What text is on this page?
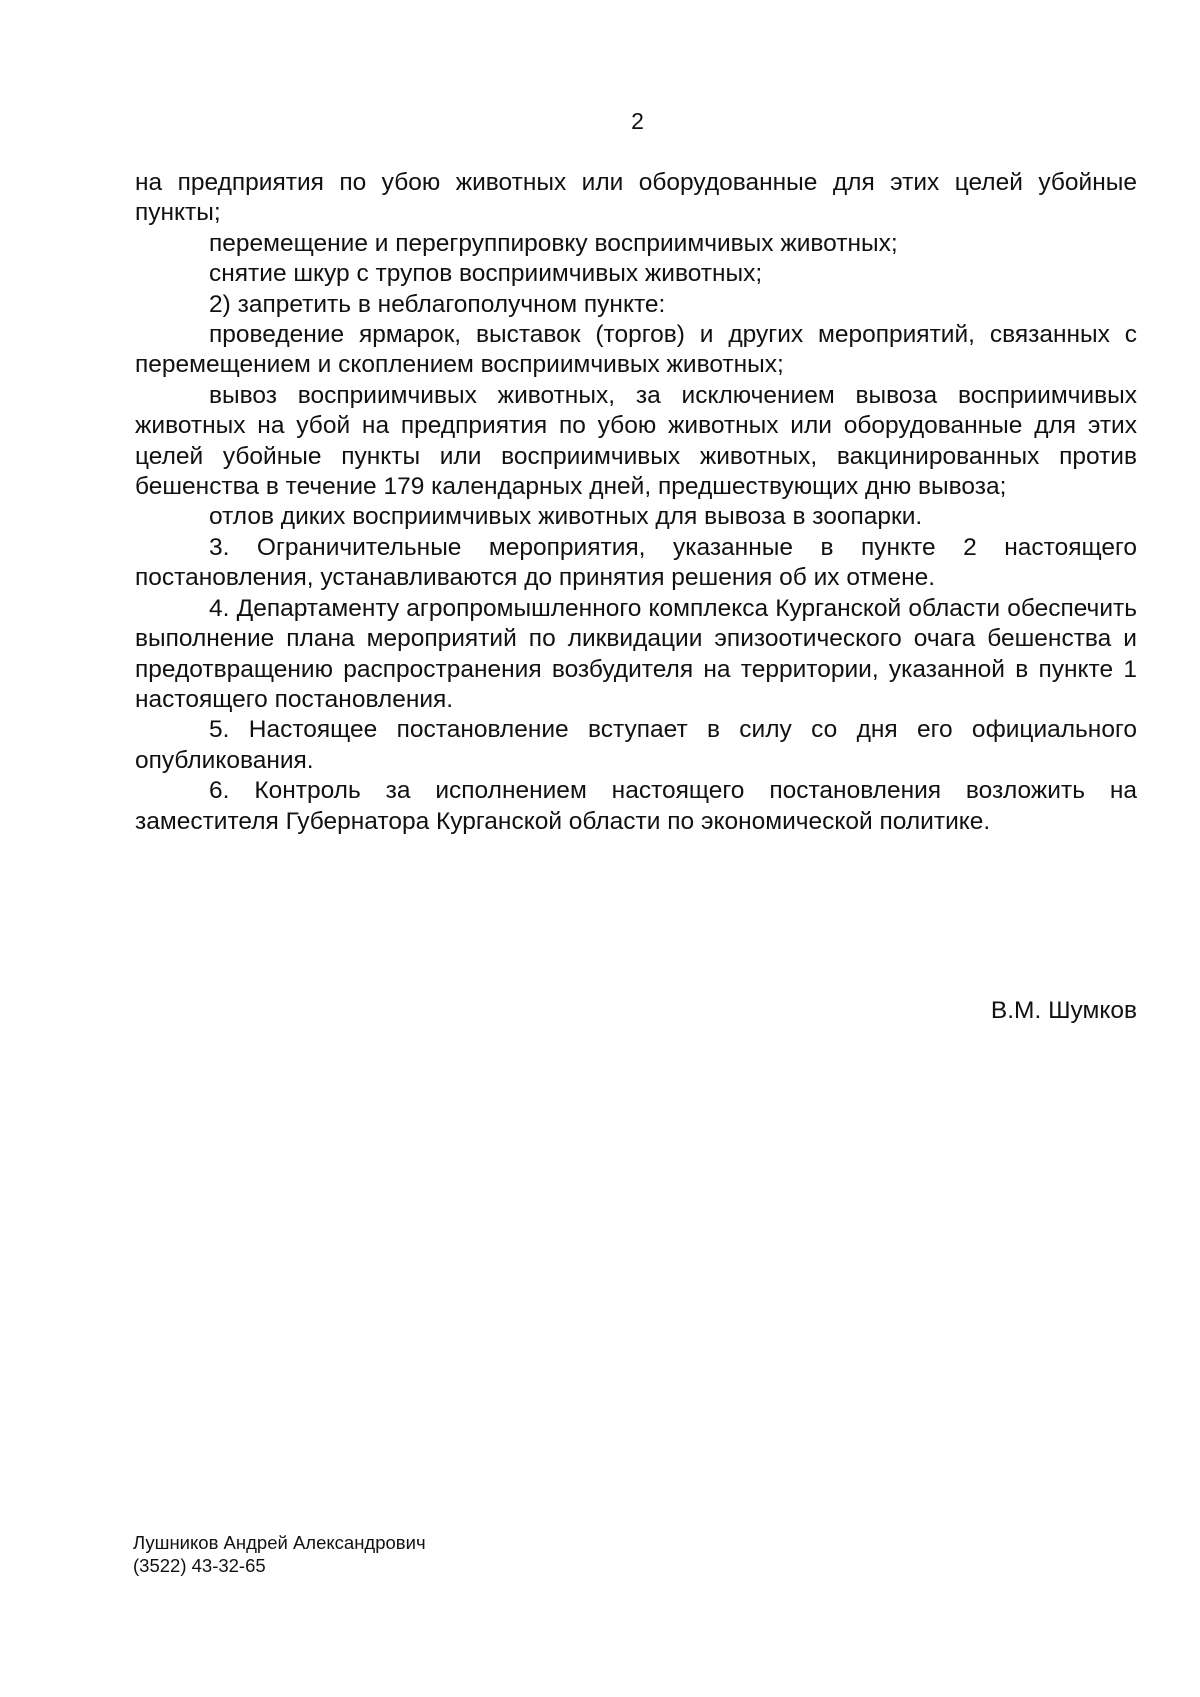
2

на предприятия по убою животных или оборудованные для этих целей убойные пункты;

перемещение и перегруппировку восприимчивых животных;

снятие шкур с трупов восприимчивых животных;

2) запретить в неблагополучном пункте:

проведение ярмарок, выставок (торгов) и других мероприятий, связанных с перемещением и скоплением восприимчивых животных;

вывоз восприимчивых животных, за исключением вывоза восприимчивых животных на убой на предприятия по убою животных или оборудованные для этих целей убойные пункты или восприимчивых животных, вакцинированных против бешенства в течение 179 календарных дней, предшествующих дню вывоза;

отлов диких восприимчивых животных для вывоза в зоопарки.

3. Ограничительные мероприятия, указанные в пункте 2 настоящего постановления, устанавливаются до принятия решения об их отмене.

4. Департаменту агропромышленного комплекса Курганской области обеспечить выполнение плана мероприятий по ликвидации эпизоотического очага бешенства и предотвращению распространения возбудителя на территории, указанной в пункте 1 настоящего постановления.

5. Настоящее постановление вступает в силу со дня его официального опубликования.

6. Контроль за исполнением настоящего постановления возложить на заместителя Губернатора Курганской области по экономической политике.

В.М. Шумков
Лушников Андрей Александрович
(3522) 43-32-65
